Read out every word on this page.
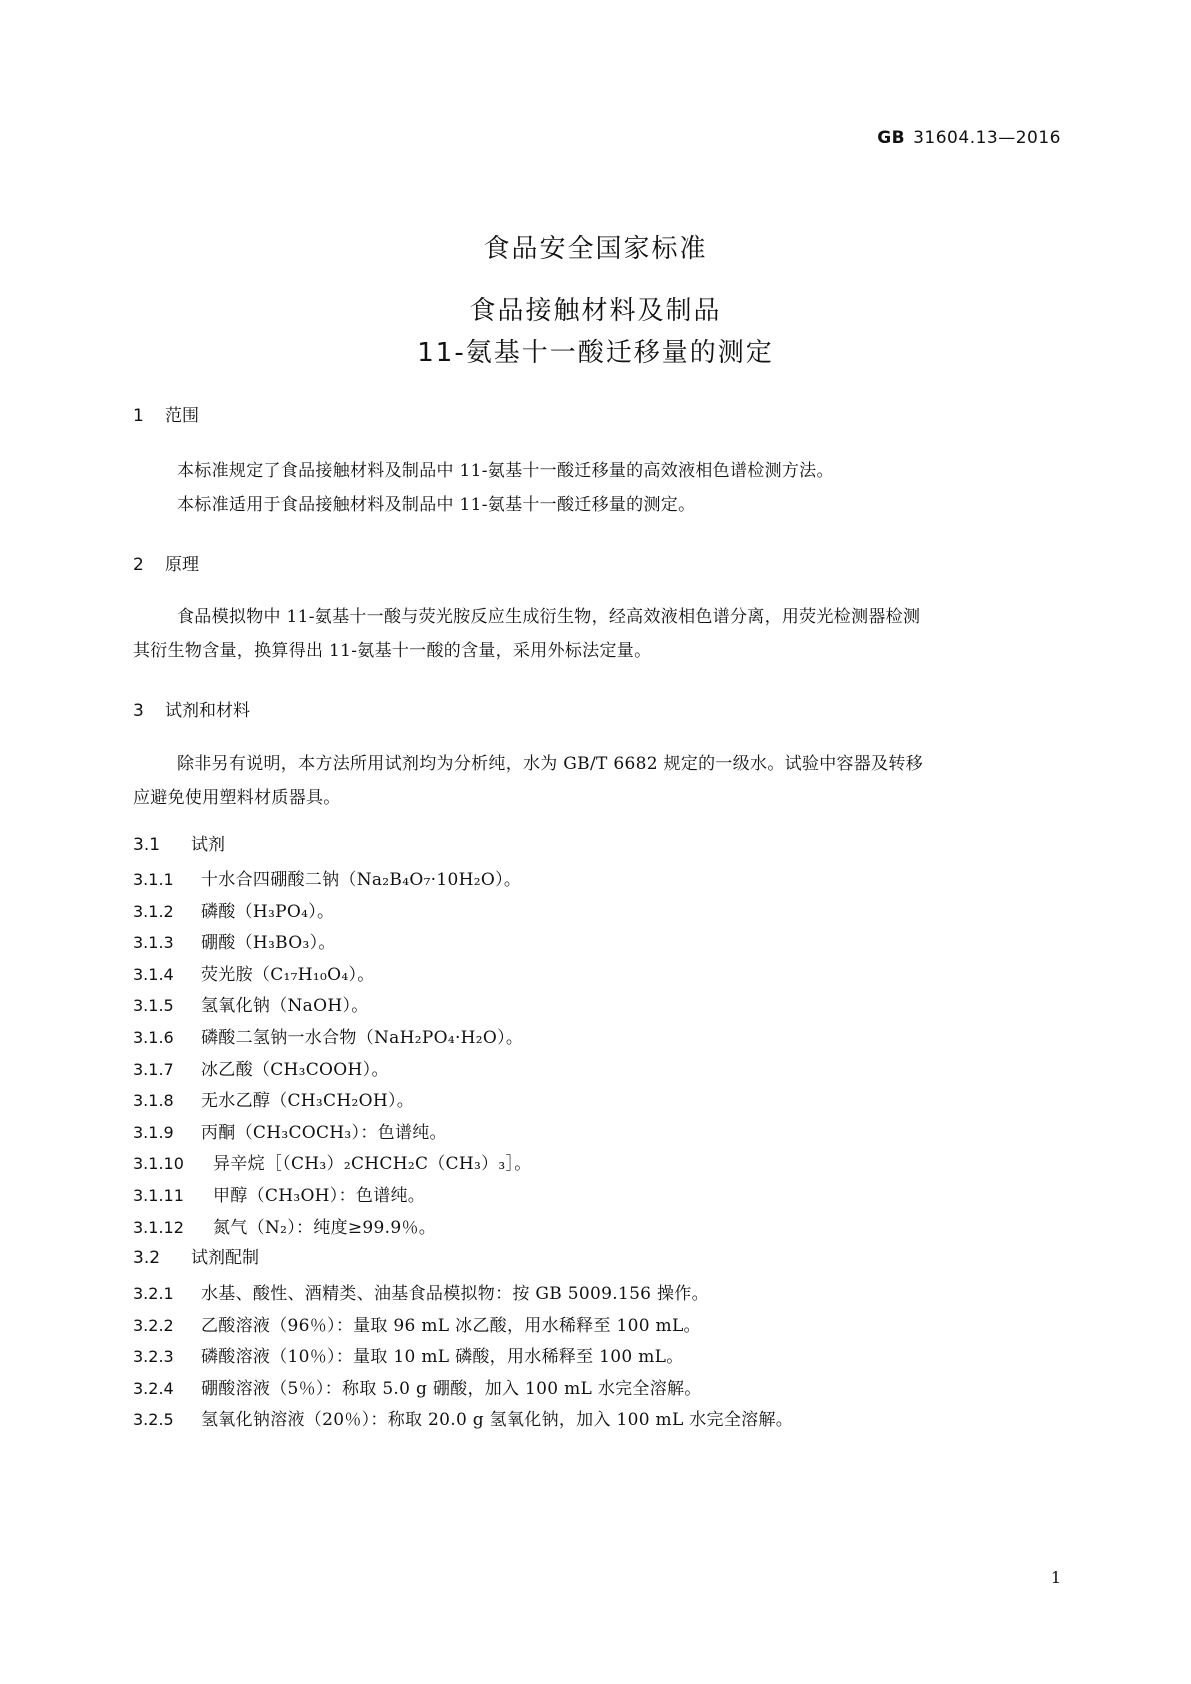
GB 31604.13—2016
食品安全国家标准
食品接触材料及制品
11-氨基十一酸迁移量的测定
1 范围
本标准规定了食品接触材料及制品中 11-氨基十一酸迁移量的高效液相色谱检测方法。
本标准适用于食品接触材料及制品中 11-氨基十一酸迁移量的测定。
2 原理
食品模拟物中 11-氨基十一酸与荧光胺反应生成衍生物，经高效液相色谱分离，用荧光检测器检测
其衍生物含量，换算得出 11-氨基十一酸的含量，采用外标法定量。
3 试剂和材料
除非另有说明，本方法所用试剂均为分析纯，水为 GB/T 6682 规定的一级水。试验中容器及转移
应避免使用塑料材质器具。
3.1 试剂
3.1.1 十水合四硼酸二钠（Na₂B₄O₇·10H₂O）。
3.1.2 磷酸（H₃PO₄）。
3.1.3 硼酸（H₃BO₃）。
3.1.4 荧光胺（C₁₇H₁₀O₄）。
3.1.5 氢氧化钠（NaOH）。
3.1.6 磷酸二氢钠一水合物（NaH₂PO₄·H₂O）。
3.1.7 冰乙酸（CH₃COOH）。
3.1.8 无水乙醇（CH₃CH₂OH）。
3.1.9 丙酮（CH₃COCH₃）：色谱纯。
3.1.10 异辛烷［（CH₃）₂CHCH₂C（CH₃）₃］。
3.1.11 甲醇（CH₃OH）：色谱纯。
3.1.12 氮气（N₂）：纯度≥99.9％。
3.2 试剂配制
3.2.1 水基、酸性、酒精类、油基食品模拟物：按 GB 5009.156 操作。
3.2.2 乙酸溶液（96％）：量取 96 mL 冰乙酸，用水稀释至 100 mL。
3.2.3 磷酸溶液（10％）：量取 10 mL 磷酸，用水稀释至 100 mL。
3.2.4 硼酸溶液（5％）：称取 5.0 g 硼酸，加入 100 mL 水完全溶解。
3.2.5 氢氧化钠溶液（20％）：称取 20.0 g 氢氧化钠，加入 100 mL 水完全溶解。
1
